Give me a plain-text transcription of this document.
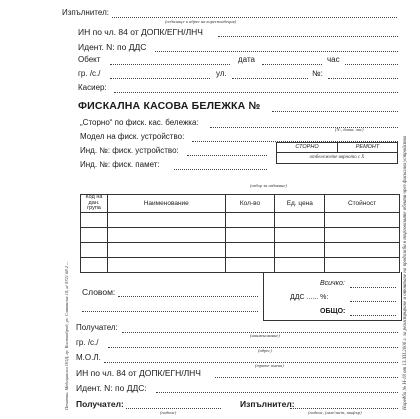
Изпълнител:
(седалище и адрес на кореспондеция)
ИН по чл. 84 от ДОПК/ЕГН/ЛНЧ
Идент. N: по ДДС
Обект	дата	час
гр. /с./	ул.	№:
Касиер:
ФИСКАЛНА КАСОВА БЕЛЕЖКА №
„Сторно“ по фиск. кас. бележка:
(N:, дата, час)
Модел на фиск. устройство:
Инд. №: фиск. устройство:
Инд. №: фиск. памет:
СТОРНО	РЕМОНТ
отбележете вярното с X
(избор за издаване)
Код на дан. група	Наименование	Кол-во	Ед. цена	Стойност

Всичко:
ДДС ...... %:
ОБЩО:
Словом:
Получател:
(наименование)
гр. /с./
(адрес)
М.О.Л.
(трите имена)
ИН по чл. 84 от ДОПК/ЕГН/ЛНЧ
Идент. N: по ДДС:
Получател:
(подпис)
Изпълнител:
(подпис, (име/лист, шифър)
Наредба № Н-18 от 13.XII.2006 г. за регистриране и отчитане на продажби в търговските обекти чрез фискални устройства
Печатни. Медицински ООД, гр. Костинброд, ул. Славянска 10, а/ 0721 68 2 ...
